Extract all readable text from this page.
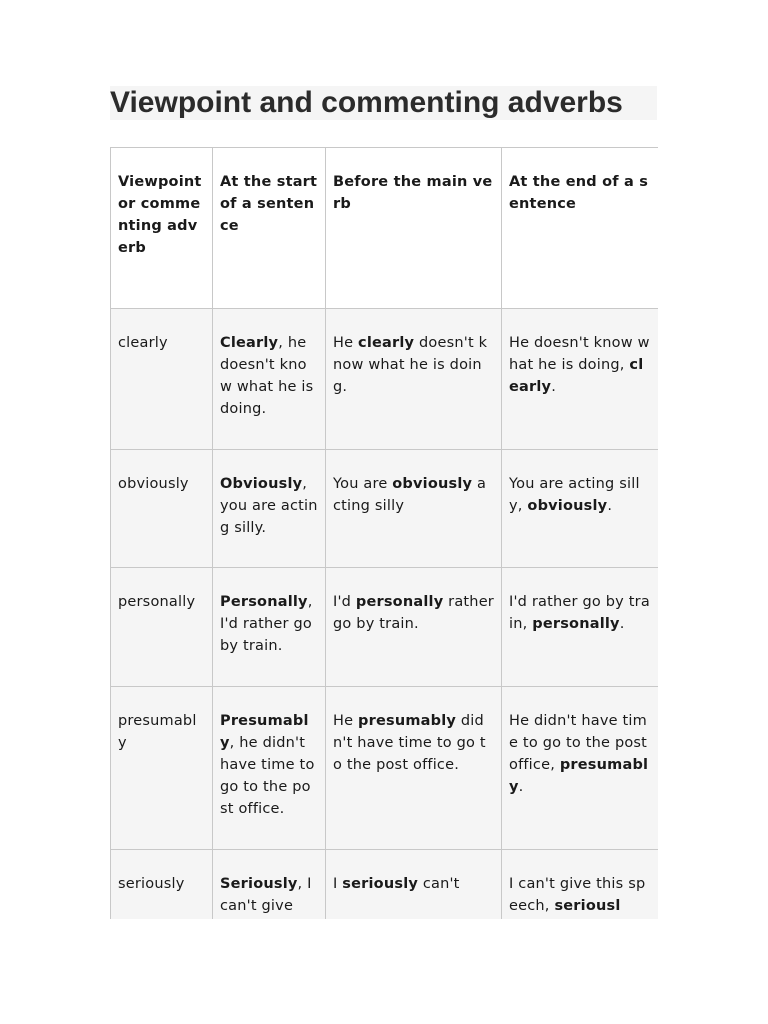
Viewpoint and commenting adverbs
Viewpoint or commenting adverb	At the start of a sentence	Before the main verb	At the end of a sentence
clearly	Clearly, he doesn't know what he is doing.	He clearly doesn't know what he is doing.	He doesn't know what he is doing, clearly.
obviously	Obviously, you are acting silly.	You are obviously acting silly	You are acting silly, obviously.
personally	Personally, I'd rather go by train.	I'd personally rather go by train.	I'd rather go by train, personally.
presumably	Presumably, he didn't have time to go to the post office.	He presumably didn't have time to go to the post office.	He didn't have time to go to the post office, presumably.
seriously	Seriously, I can't give	I seriously can't	I can't give this speech, seriousl
